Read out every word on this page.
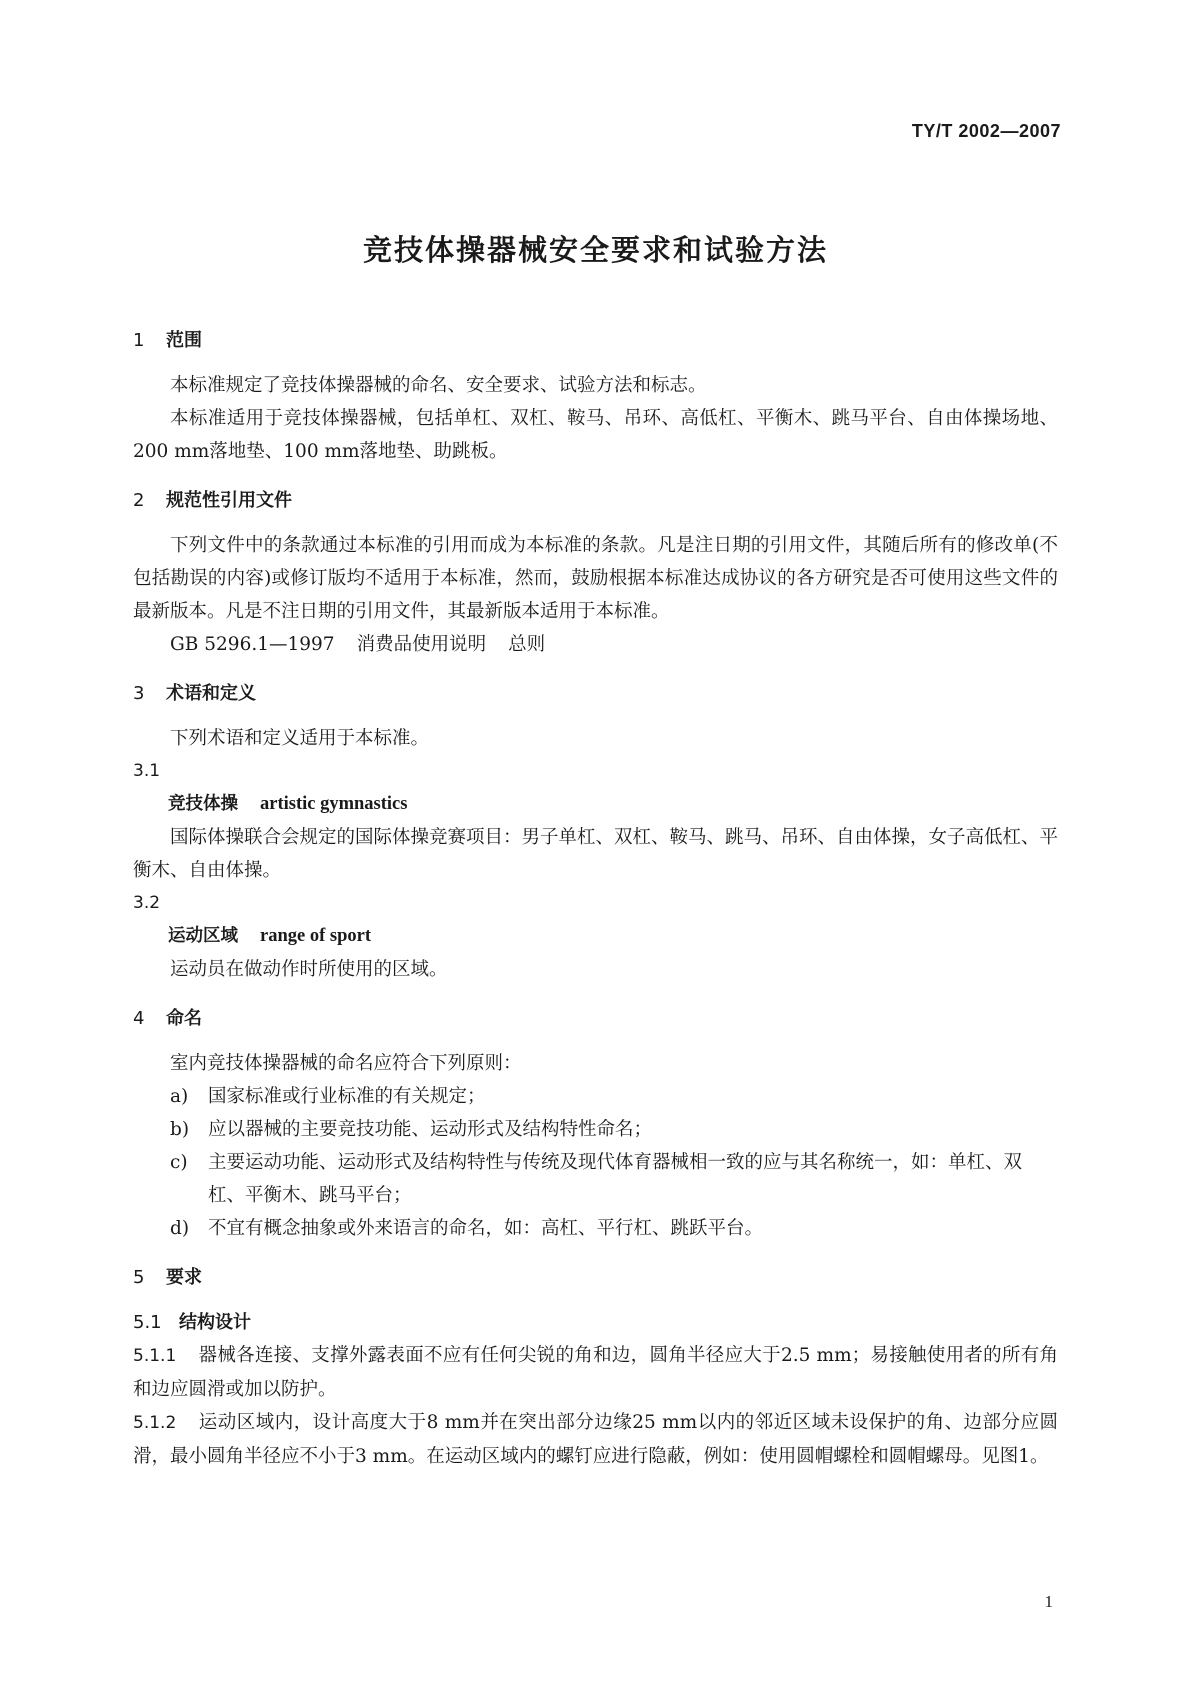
TY/T 2002—2007
竞技体操器械安全要求和试验方法

1 范围

本标准规定了竞技体操器械的命名、安全要求、试验方法和标志。

本标准适用于竞技体操器械，包括单杠、双杠、鞍马、吊环、高低杠、平衡木、跳马平台、自由体操场地、200 mm落地垫、100 mm落地垫、助跳板。

2 规范性引用文件

下列文件中的条款通过本标准的引用而成为本标准的条款。凡是注日期的引用文件，其随后所有的修改单(不包括勘误的内容)或修订版均不适用于本标准，然而，鼓励根据本标准达成协议的各方研究是否可使用这些文件的最新版本。凡是不注日期的引用文件，其最新版本适用于本标准。

GB 5296.1—1997 消费品使用说明 总则

3 术语和定义

下列术语和定义适用于本标准。

3.1

竞技体操 artistic gymnastics

国际体操联合会规定的国际体操竞赛项目：男子单杠、双杠、鞍马、跳马、吊环、自由体操，女子高低杠、平衡木、自由体操。

3.2

运动区域 range of sport

运动员在做动作时所使用的区域。

4 命名

室内竞技体操器械的命名应符合下列原则：

a) 国家标准或行业标准的有关规定；

b) 应以器械的主要竞技功能、运动形式及结构特性命名；

c) 主要运动功能、运动形式及结构特性与传统及现代体育器械相一致的应与其名称统一，如：单杠、双杠、平衡木、跳马平台；

d) 不宜有概念抽象或外来语言的命名，如：高杠、平行杠、跳跃平台。

5 要求

5.1 结构设计

5.1.1 器械各连接、支撑外露表面不应有任何尖锐的角和边，圆角半径应大于2.5 mm；易接触使用者的所有角和边应圆滑或加以防护。

5.1.2 运动区域内，设计高度大于8 mm并在突出部分边缘25 mm以内的邻近区域未设保护的角、边部分应圆滑，最小圆角半径应不小于3 mm。在运动区域内的螺钉应进行隐蔽，例如：使用圆帽螺栓和圆帽螺母。见图1。

1
